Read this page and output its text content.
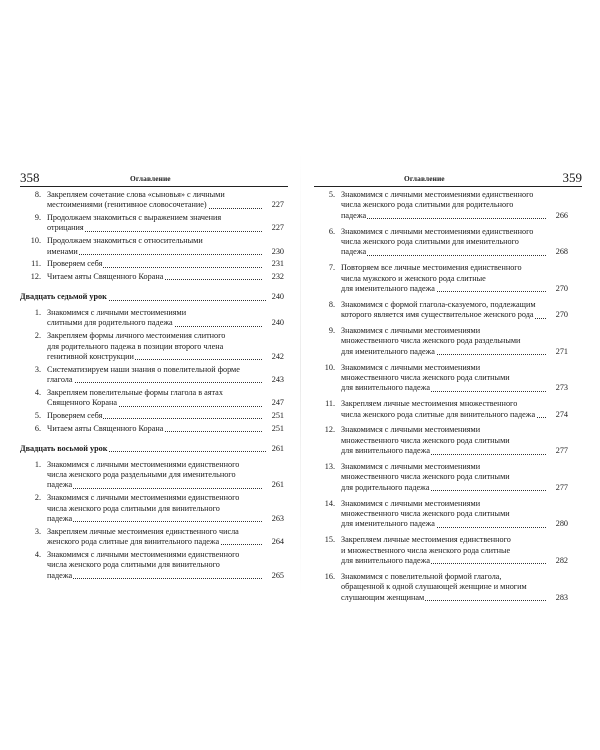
358	Оглавление
8. Закрепляем сочетание слова «сыновья» с личными
местоимениями (генитивное словосочетание)	227
9. Продолжаем знакомиться с выражением значения
отрицания	227
10. Продолжаем знакомиться с относительными
именами	230
11. Проверяем себя	231
12. Читаем аяты Священного Корана	232
Двадцать седьмой урок	240
1. Знакомимся с личными местоимениями
слитными для родительного падежа	240
2. Закрепляем формы личного местоимения слитного
для родительного падежа в позиции второго члена
генитивной конструкции	242
3. Систематизируем наши знания о повелительной форме
глагола	243
4. Закрепляем повелительные формы глагола в аятах
Священного Корана	247
5. Проверяем себя	251
6. Читаем аяты Священного Корана	251
Двадцать восьмой урок	261
1. Знакомимся с личными местоимениями единственного
числа женского рода раздельными для именительного
падежа	261
2. Знакомимся с личными местоимениями единственного
числа женского рода слитными для винительного
падежа	263
3. Закрепляем личные местоимения единственного числа
женского рода слитные для винительного падежа	264
4. Знакомимся с личными местоимениями единственного
числа женского рода слитными для винительного
падежа	265
Оглавление	359
5. Знакомимся с личными местоимениями единственного
числа женского рода слитными для родительного
падежа	266
6. Знакомимся с личными местоимениями единственного
числа женского рода слитными для именительного
падежа	268
7. Повторяем все личные местоимения единственного
числа мужского и женского рода слитные
для именительного падежа	270
8. Знакомимся с формой глагола-сказуемого, подлежащим
которого является имя существительное женского рода	270
9. Знакомимся с личными местоимениями
множественного числа женского рода раздельными
для именительного падежа	271
10. Знакомимся с личными местоимениями
множественного числа женского рода слитными
для винительного падежа	273
11. Закрепляем личные местоимения множественного
числа женского рода слитные для винительного падежа	274
12. Знакомимся с личными местоимениями
множественного числа женского рода слитными
для винительного падежа	277
13. Знакомимся с личными местоимениями
множественного числа женского рода слитными
для родительного падежа	277
14. Знакомимся с личными местоимениями
множественного числа женского рода слитными
для именительного падежа	280
15. Закрепляем личные местоимения единственного
и множественного числа женского рода слитные
для винительного падежа	282
16. Знакомимся с повелительной формой глагола,
обращенной к одной слушающей женщине и многим
слушающим женщинам	283
